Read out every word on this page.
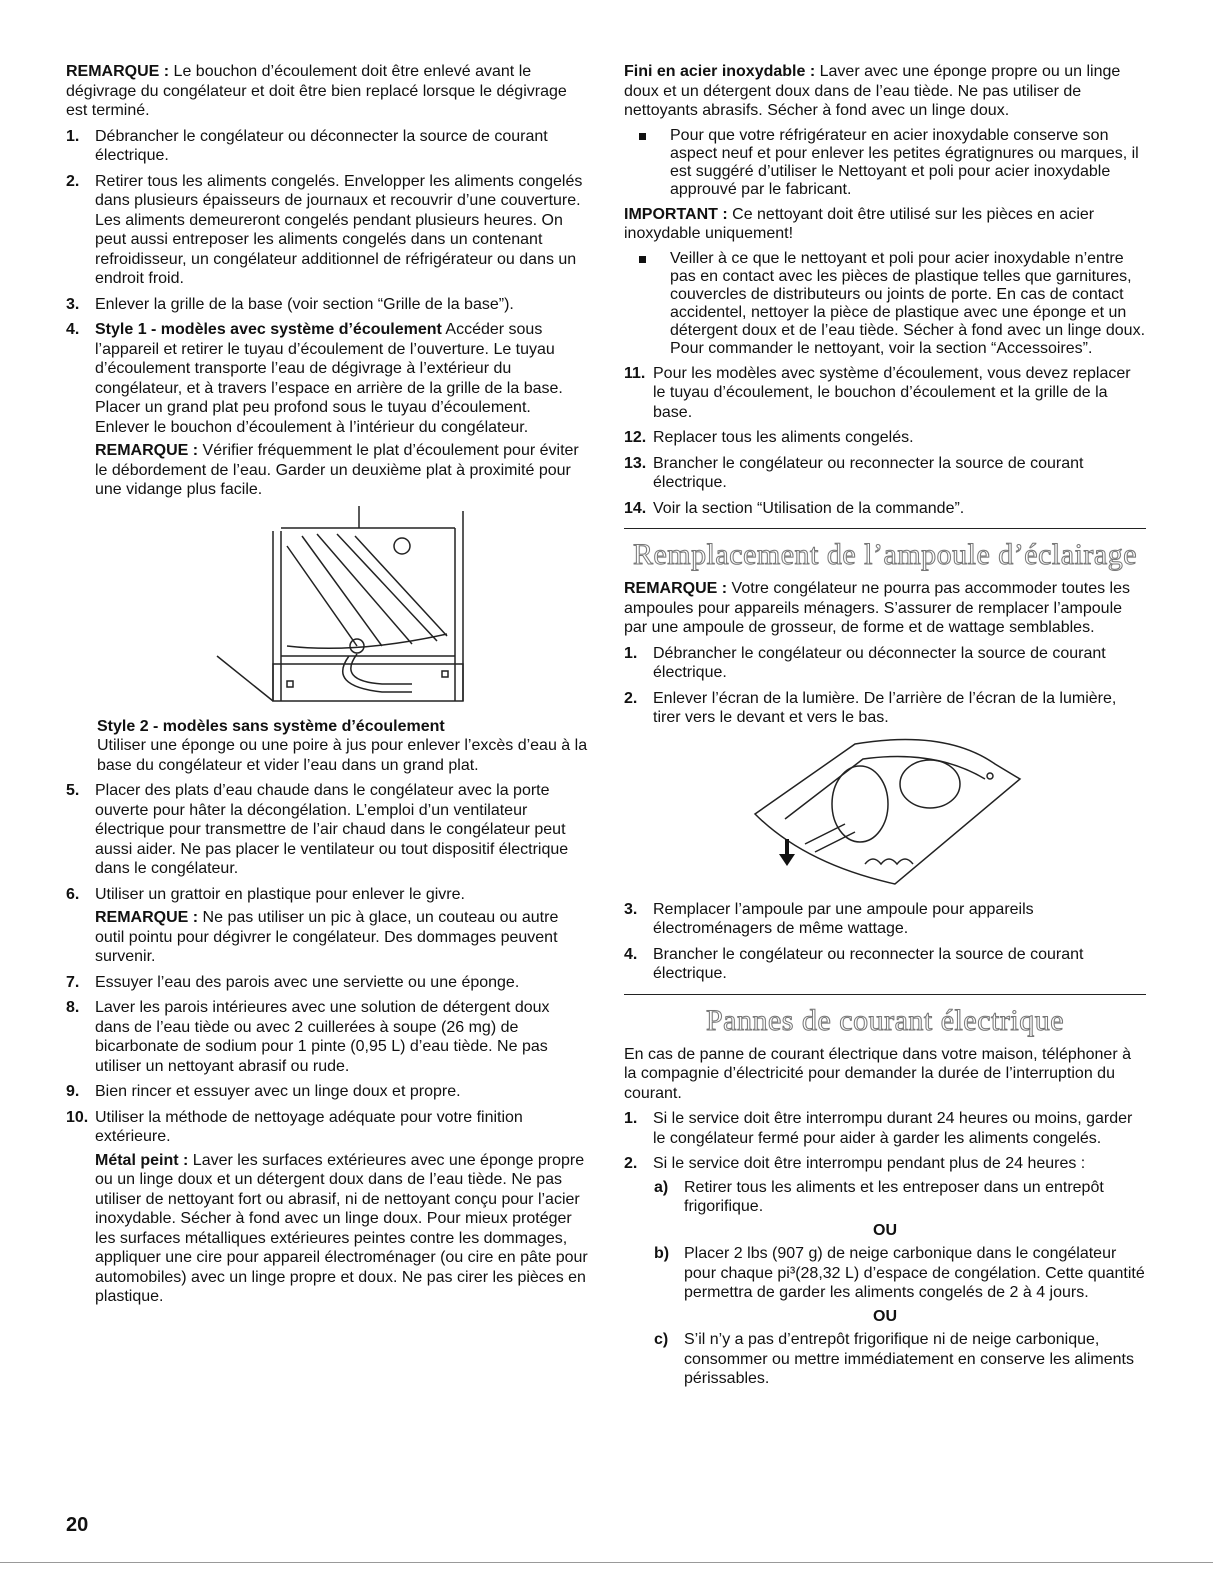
REMARQUE : Le bouchon d’écoulement doit être enlevé avant le dégivrage du congélateur et doit être bien replacé lorsque le dégivrage est terminé.

1. Débrancher le congélateur ou déconnecter la source de courant électrique.
2. Retirer tous les aliments congelés. Envelopper les aliments congelés dans plusieurs épaisseurs de journaux et recouvrir d’une couverture. Les aliments demeureront congelés pendant plusieurs heures. On peut aussi entreposer les aliments congelés dans un contenant refroidisseur, un congélateur additionnel de réfrigérateur ou dans un endroit froid.
3. Enlever la grille de la base (voir section “Grille de la base”).
4. Style 1 - modèles avec système d’écoulement Accéder sous l’appareil et retirer le tuyau d’écoulement de l’ouverture. Le tuyau d’écoulement transporte l’eau de dégivrage à l’extérieur du congélateur, et à travers l’espace en arrière de la grille de la base. Placer un grand plat peu profond sous le tuyau d’écoulement. Enlever le bouchon d’écoulement à l’intérieur du congélateur.

REMARQUE : Vérifier fréquemment le plat d’écoulement pour éviter le débordement de l’eau. Garder un deuxième plat à proximité pour une vidange plus facile.

Style 2 - modèles sans système d’écoulement
Utiliser une éponge ou une poire à jus pour enlever l’excès d’eau à la base du congélateur et vider l’eau dans un grand plat.

5. Placer des plats d’eau chaude dans le congélateur avec la porte ouverte pour hâter la décongélation. L’emploi d’un ventilateur électrique pour transmettre de l’air chaud dans le congélateur peut aussi aider. Ne pas placer le ventilateur ou tout dispositif électrique dans le congélateur.
6. Utiliser un grattoir en plastique pour enlever le givre.

REMARQUE : Ne pas utiliser un pic à glace, un couteau ou autre outil pointu pour dégivrer le congélateur. Des dommages peuvent survenir.

7. Essuyer l’eau des parois avec une serviette ou une éponge.
8. Laver les parois intérieures avec une solution de détergent doux dans de l’eau tiède ou avec 2 cuillerées à soupe (26 mg) de bicarbonate de sodium pour 1 pinte (0,95 L) d’eau tiède. Ne pas utiliser un nettoyant abrasif ou rude.
9. Bien rincer et essuyer avec un linge doux et propre.
10. Utiliser la méthode de nettoyage adéquate pour votre finition extérieure.

Métal peint : Laver les surfaces extérieures avec une éponge propre ou un linge doux et un détergent doux dans de l’eau tiède. Ne pas utiliser de nettoyant fort ou abrasif, ni de nettoyant conçu pour l’acier inoxydable. Sécher à fond avec un linge doux. Pour mieux protéger les surfaces métalliques extérieures peintes contre les dommages, appliquer une cire pour appareil électroménager (ou cire en pâte pour automobiles) avec un linge propre et doux. Ne pas cirer les pièces en plastique.

Fini en acier inoxydable : Laver avec une éponge propre ou un linge doux et un détergent doux dans de l’eau tiède. Ne pas utiliser de nettoyants abrasifs. Sécher à fond avec un linge doux.

Pour que votre réfrigérateur en acier inoxydable conserve son aspect neuf et pour enlever les petites égratignures ou marques, il est suggéré d’utiliser le Nettoyant et poli pour acier inoxydable approuvé par le fabricant.

IMPORTANT : Ce nettoyant doit être utilisé sur les pièces en acier inoxydable uniquement!

Veiller à ce que le nettoyant et poli pour acier inoxydable n’entre pas en contact avec les pièces de plastique telles que garnitures, couvercles de distributeurs ou joints de porte. En cas de contact accidentel, nettoyer la pièce de plastique avec une éponge et un détergent doux et de l’eau tiède. Sécher à fond avec un linge doux. Pour commander le nettoyant, voir la section “Accessoires”.
11. Pour les modèles avec système d’écoulement, vous devez replacer le tuyau d’écoulement, le bouchon d’écoulement et la grille de la base.
12. Replacer tous les aliments congelés.
13. Brancher le congélateur ou reconnecter la source de courant électrique.
14. Voir la section “Utilisation de la commande”.
Remplacement de l’ampoule d’éclairage

REMARQUE : Votre congélateur ne pourra pas accommoder toutes les ampoules pour appareils ménagers. S’assurer de remplacer l’ampoule par une ampoule de grosseur, de forme et de wattage semblables.

1. Débrancher le congélateur ou déconnecter la source de courant électrique.
2. Enlever l’écran de la lumière. De l’arrière de l’écran de la lumière, tirer vers le devant et vers le bas.
3. Remplacer l’ampoule par une ampoule pour appareils électroménagers de même wattage.
4. Brancher le congélateur ou reconnecter la source de courant électrique.
Pannes de courant électrique

En cas de panne de courant électrique dans votre maison, téléphoner à la compagnie d’électricité pour demander la durée de l’interruption du courant.

1. Si le service doit être interrompu durant 24 heures ou moins, garder le congélateur fermé pour aider à garder les aliments congelés.
2. Si le service doit être interrompu pendant plus de 24 heures :
a) Retirer tous les aliments et les entreposer dans un entrepôt frigorifique.
OU
b) Placer 2 lbs (907 g) de neige carbonique dans le congélateur pour chaque pi³(28,32 L) d’espace de congélation. Cette quantité permettra de garder les aliments congelés de 2 à 4 jours.
OU
c) S’il n’y a pas d’entrepôt frigorifique ni de neige carbonique, consommer ou mettre immédiatement en conserve les aliments périssables.
20
